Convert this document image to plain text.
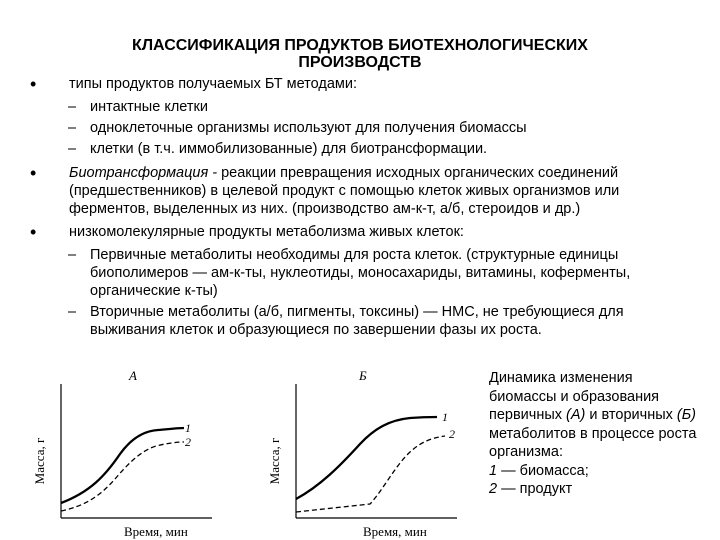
КЛАССИФИКАЦИЯ ПРОДУКТОВ БИОТЕХНОЛОГИЧЕСКИХ
ПРОИЗВОДСТВ
• типы продуктов получаемых БТ методами:
– интактные клетки
– одноклеточные организмы используют для получения биомассы
– клетки (в т.ч. иммобилизованные) для биотрансформации.
• Биотрансформация - реакции превращения исходных органических соединений (предшественников) в целевой продукт с помощью клеток живых организмов или ферментов, выделенных из них. (производство ам-к-т, а/б, стероидов и др.)
• низкомолекулярные продукты метаболизма живых клеток:
– Первичные метаболиты необходимы для роста клеток. (структурные единицы биополимеров — ам-к-ты, нуклеотиды, моносахариды, витамины, коферменты, органические к-ты)
– Вторичные метаболиты (а/б, пигменты, токсины) — НМС, не требующиеся для выживания клеток и образующиеся по завершении фазы их роста.
А
Масса, г
1
2
Время, мин
Б
Масса, г
1
2
Время, мин
Динамика изменения биомассы и образования первичных (А) и вторичных (Б) метаболитов в процессе роста организма:
1 — биомасса;
2 — продукт
